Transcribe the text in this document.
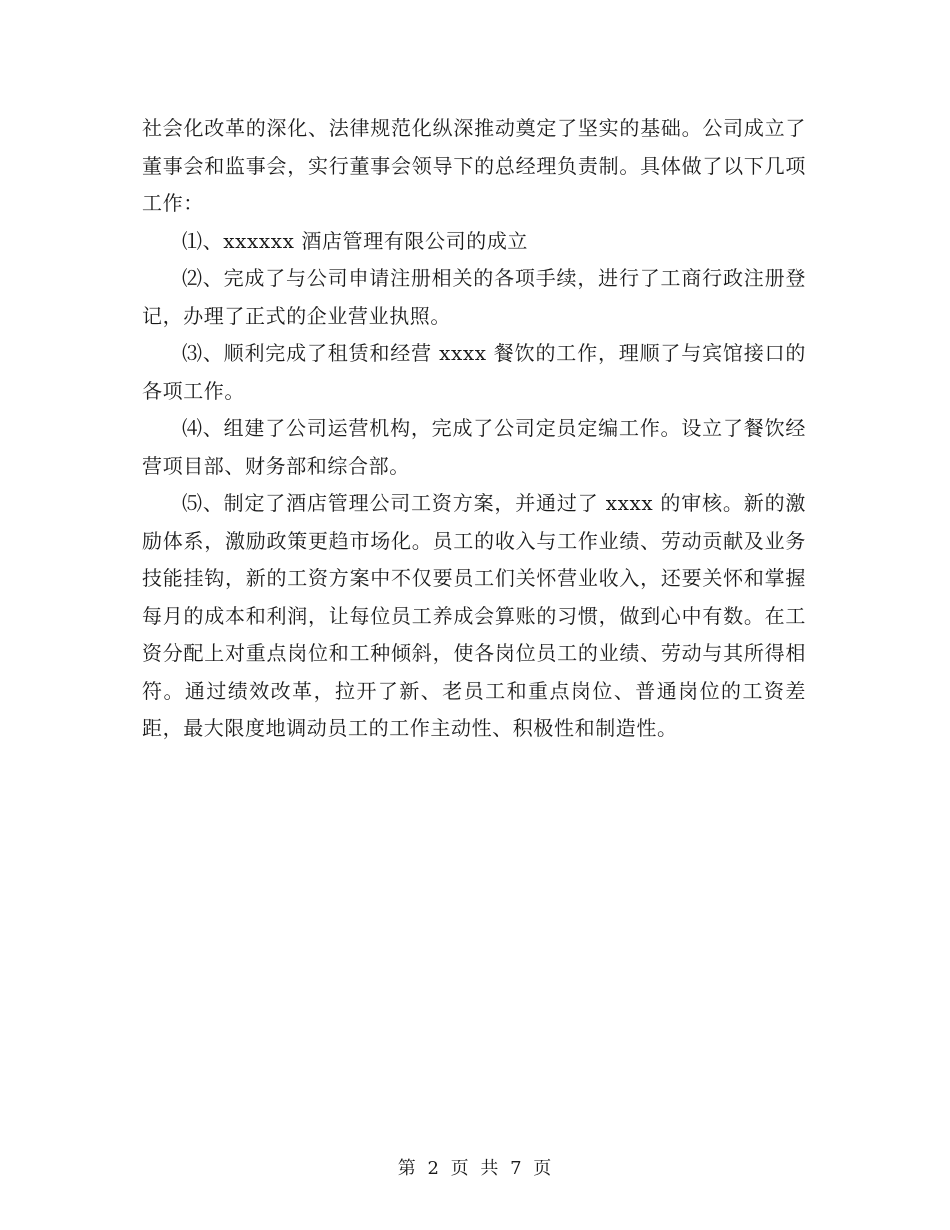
社会化改革的深化、法律规范化纵深推动奠定了坚实的基础。公司成立了董事会和监事会，实行董事会领导下的总经理负责制。具体做了以下几项工作：

⑴、xxxxxx 酒店管理有限公司的成立

⑵、完成了与公司申请注册相关的各项手续，进行了工商行政注册登记，办理了正式的企业营业执照。

⑶、顺利完成了租赁和经营 xxxx 餐饮的工作，理顺了与宾馆接口的各项工作。

⑷、组建了公司运营机构，完成了公司定员定编工作。设立了餐饮经营项目部、财务部和综合部。

⑸、制定了酒店管理公司工资方案，并通过了 xxxx 的审核。新的激励体系，激励政策更趋市场化。员工的收入与工作业绩、劳动贡献及业务技能挂钩，新的工资方案中不仅要员工们关怀营业收入，还要关怀和掌握每月的成本和利润，让每位员工养成会算账的习惯，做到心中有数。在工资分配上对重点岗位和工种倾斜，使各岗位员工的业绩、劳动与其所得相符。通过绩效改革，拉开了新、老员工和重点岗位、普通岗位的工资差距，最大限度地调动员工的工作主动性、积极性和制造性。

第 2 页 共 7 页
